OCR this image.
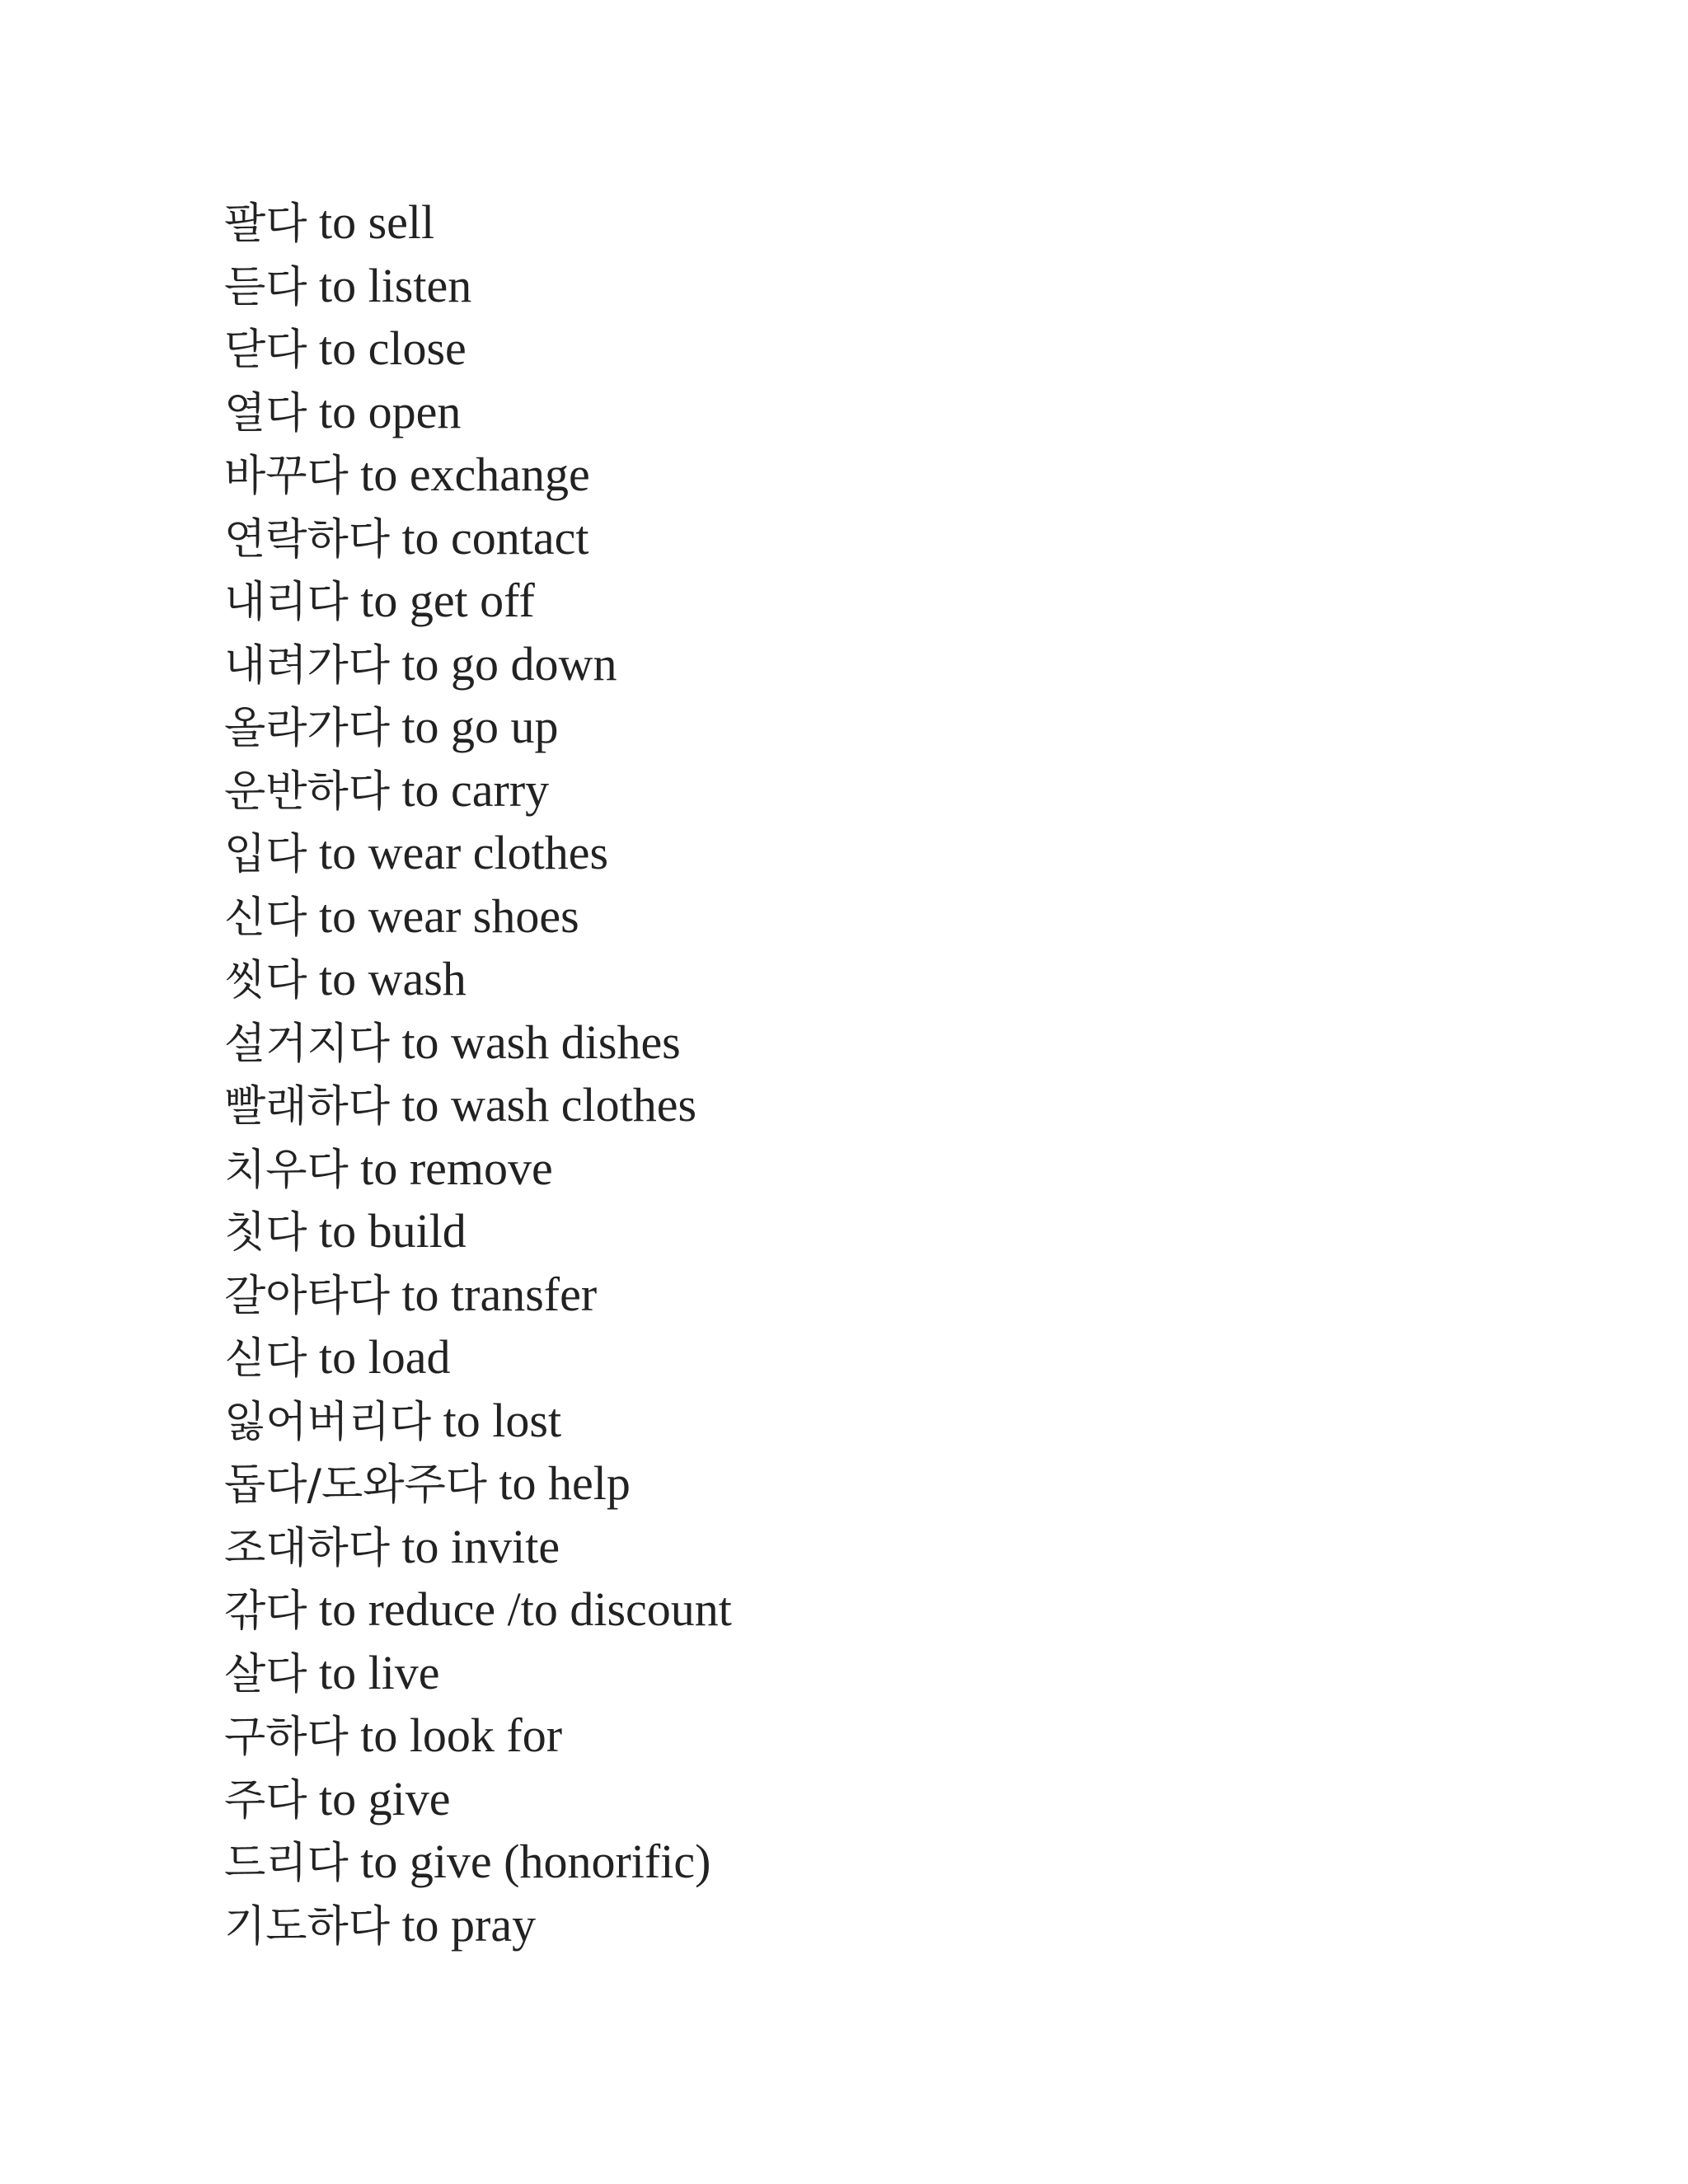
팔다 to sell
듣다 to listen
닫다 to close
열다 to open
바꾸다 to exchange
연락하다 to contact
내리다 to get off
내려가다 to go down
올라가다 to go up
운반하다 to carry
입다 to wear clothes
신다 to wear shoes
씻다 to wash
설거지다 to wash dishes
빨래하다 to wash clothes
치우다 to remove
칫다 to build
갈아타다 to transfer
싣다 to load
잃어버리다 to lost
돕다/도와주다 to help
조대하다 to invite
갂다 to reduce /to discount
살다 to live
구하다 to look for
주다 to give
드리다 to give (honorific)
기도하다 to pray
